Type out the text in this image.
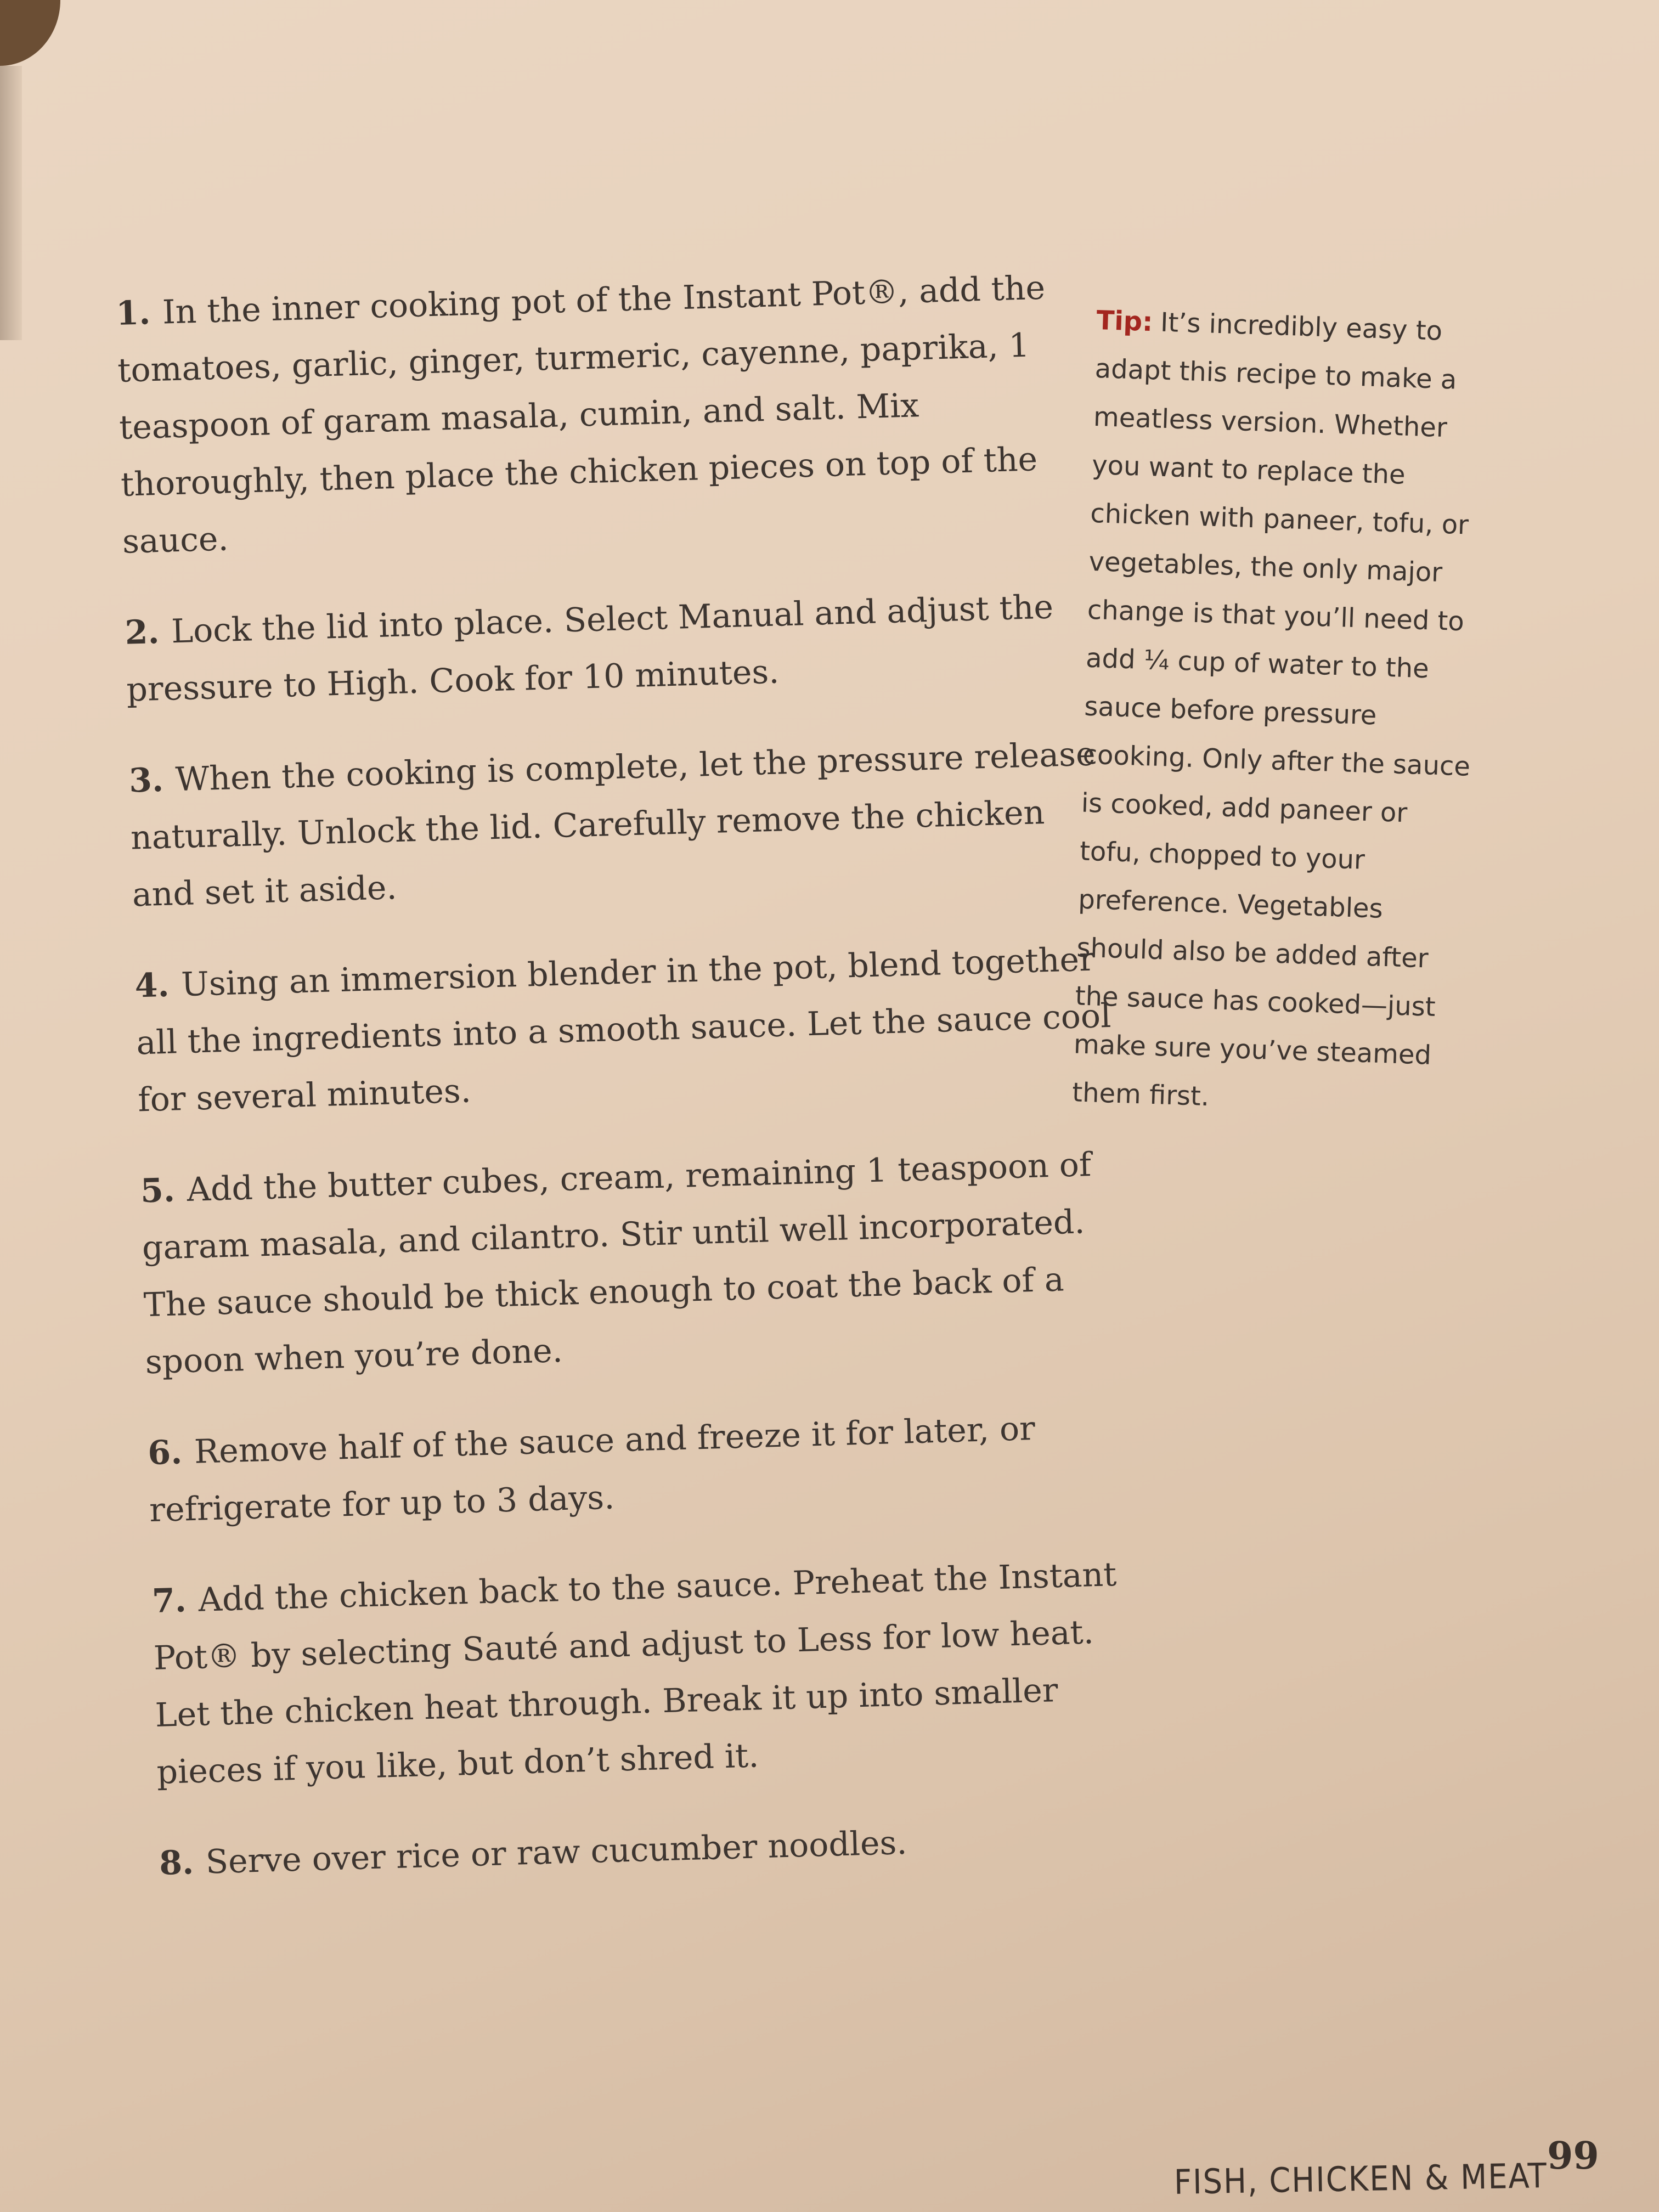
1. In the inner cooking pot of the Instant Pot®, add the tomatoes, garlic, ginger, turmeric, cayenne, paprika, 1 teaspoon of garam masala, cumin, and salt. Mix thoroughly, then place the chicken pieces on top of the sauce.

2. Lock the lid into place. Select Manual and adjust the pressure to High. Cook for 10 minutes.

3. When the cooking is complete, let the pressure release naturally. Unlock the lid. Carefully remove the chicken and set it aside.

4. Using an immersion blender in the pot, blend together all the ingredients into a smooth sauce. Let the sauce cool for several minutes.

5. Add the butter cubes, cream, remaining 1 teaspoon of garam masala, and cilantro. Stir until well incorporated. The sauce should be thick enough to coat the back of a spoon when you’re done.

6. Remove half of the sauce and freeze it for later, or refrigerate for up to 3 days.

7. Add the chicken back to the sauce. Preheat the Instant Pot® by selecting Sauté and adjust to Less for low heat. Let the chicken heat through. Break it up into smaller pieces if you like, but don’t shred it.

8. Serve over rice or raw cucumber noodles.

Tip: It’s incredibly easy to adapt this recipe to make a meatless version. Whether you want to replace the chicken with paneer, tofu, or vegetables, the only major change is that you’ll need to add ¼ cup of water to the sauce before pressure cooking. Only after the sauce is cooked, add paneer or tofu, chopped to your preference. Vegetables should also be added after the sauce has cooked—just make sure you’ve steamed them first.
FISH, CHICKEN & MEAT
99
